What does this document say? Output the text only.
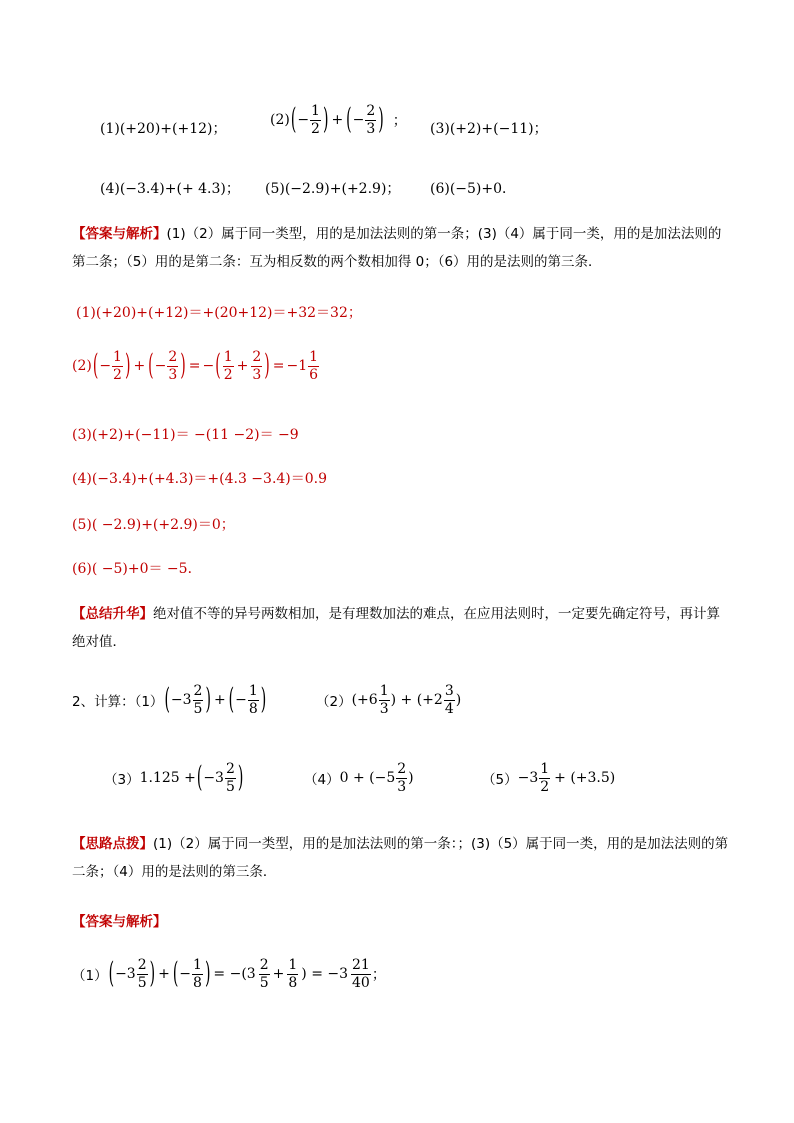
(1)(+20)+(+12)；
(2) ( − $\frac{1}{2}$ ) + ( − $\frac{2}{3}$ ) ； (3)(+2)+(−11)；
(4)(−3.4)+(+ 4.3)； (5)(−2.9)+(+2.9)； (6)(−5)+0．
【答案与解析】(1)（2）属于同一类型，用的是加法法则的第一条；(3)（4）属于同一类，用的是加法法则的第二条；（5）用的是第二条：互为相反数的两个数相加得 0；（6）用的是法则的第三条．
(1)(+20)+(+12)＝+(20+12)＝+32＝32；
(2) ( − $\frac{1}{2}$ ) + ( − $\frac{2}{3}$ ) = − ( $\frac{1}{2} + \frac{2}{3}$ ) = $-1 \frac{1}{6}$
(3)(+2)+(−11)＝ −(11 −2)＝ −9
(4)(−3.4)+(+4.3)＝+(4.3 −3.4)＝0.9
(5)( −2.9)+(+2.9)＝0；
(6)( −5)+0＝ −5．
【总结升华】绝对值不等的异号两数相加，是有理数加法的难点，在应用法则时，一定要先确定符号，再计算绝对值．
2、计算：（1） ( $-3 \frac{2}{5}$ ) + ( − $\frac{1}{8}$ )	（2） ($+6 \frac{1}{3}$ ) + ($+2 \frac{3}{4}$ )
（3） 1.125 + ( $-3 \frac{2}{5}$ )	（4） $0 + (-5 \frac{2}{3}$ )	$(5) -3 \frac{1}{2} + (+3.5)$
【思路点拨】(1)（2）属于同一类型，用的是加法法则的第一条：；(3)（5）属于同一类，用的是加法法则的第二条；（4）用的是法则的第三条．
【答案与解析】
（1） ( $-3 \frac{2}{5}$ ) + ( − $\frac{1}{8}$ ) = $-(3 \frac{2}{5} + \frac{1}{8}$ ) = $-3 \frac{21}{40}$ ；
